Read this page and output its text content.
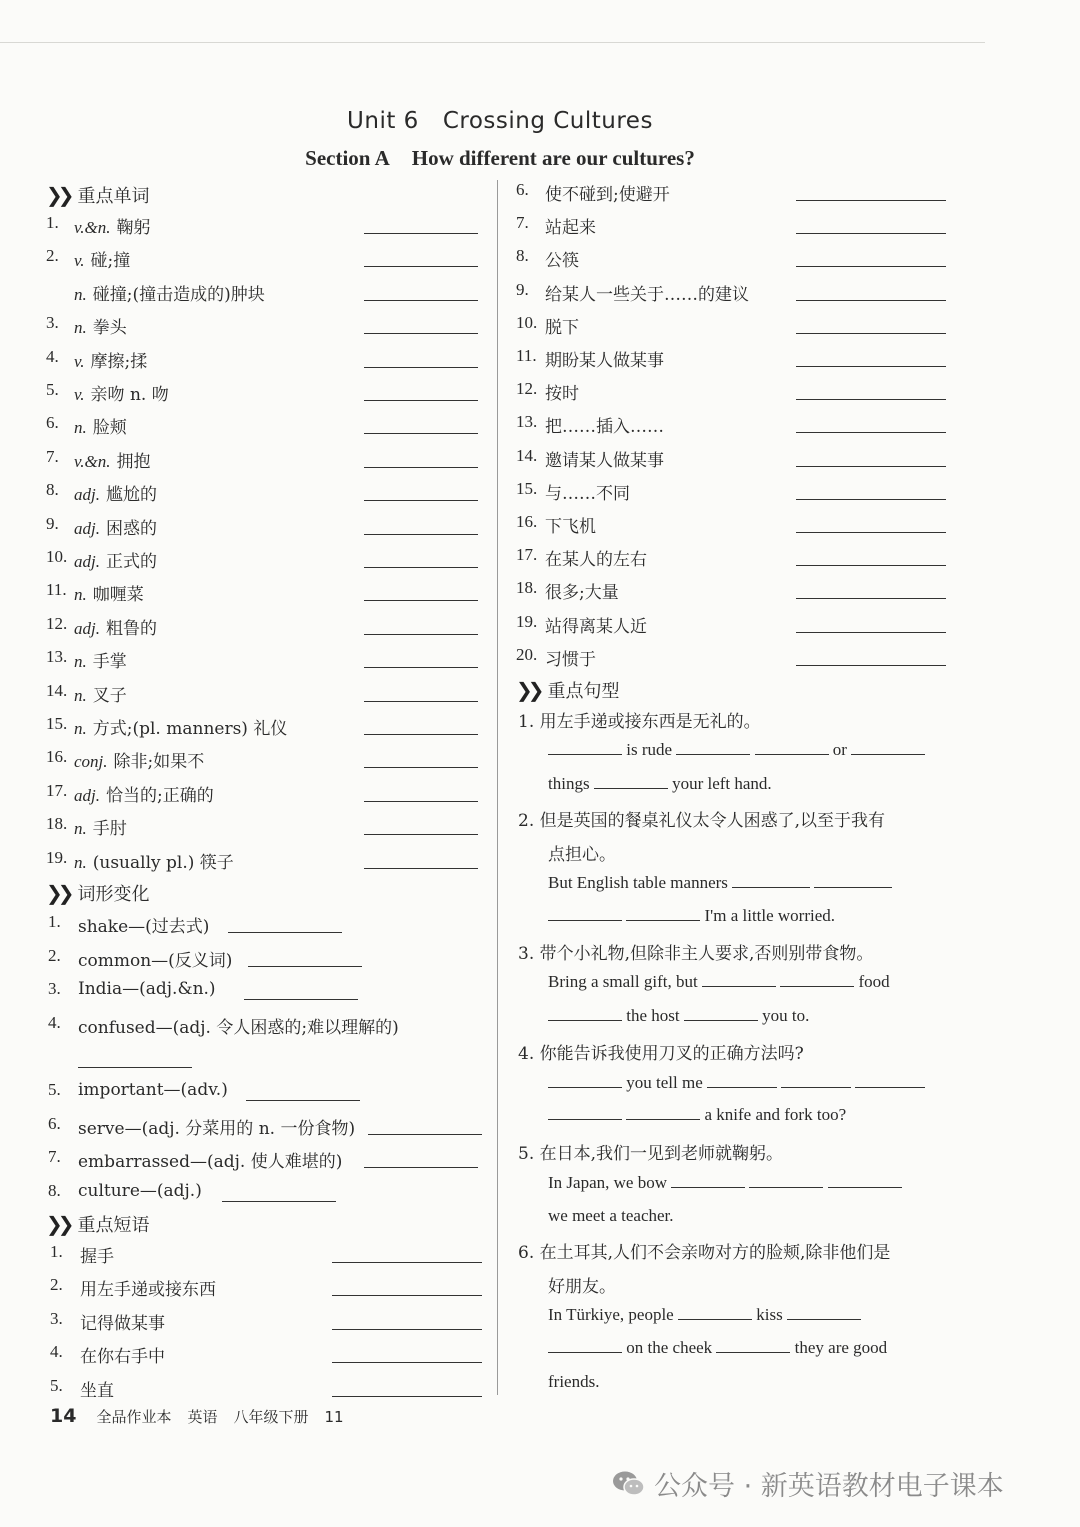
Unit 6 Crossing Cultures
Section A How different are our cultures?
❯❯ 重点单词
1. v.&n. 鞠躬
2. v. 碰;撞
n. 碰撞;(撞击造成的)肿块
3. n. 拳头
4. v. 摩擦;揉
5. v. 亲吻 n. 吻
6. n. 脸颊
7. v.&n. 拥抱
8. adj. 尴尬的
9. adj. 困惑的
10. adj. 正式的
11. n. 咖喱菜
12. adj. 粗鲁的
13. n. 手掌
14. n. 叉子
15. n. 方式;(pl. manners) 礼仪
16. conj. 除非;如果不
17. adj. 恰当的;正确的
18. n. 手肘
19. n. (usually pl.) 筷子
❯❯ 词形变化
1. shake—(过去式)
2. common—(反义词)
3. India—(adj.&n.)
4. confused—(adj. 令人困惑的;难以理解的)
5. important—(adv.)
6. serve—(adj. 分菜用的 n. 一份食物)
7. embarrassed—(adj. 使人难堪的)
8. culture—(adj.)
❯❯ 重点短语
1. 握手
2. 用左手递或接东西
3. 记得做某事
4. 在你右手中
5. 坐直
6. 使不碰到;使避开
7. 站起来
8. 公筷
9. 给某人一些关于……的建议
10. 脱下
11. 期盼某人做某事
12. 按时
13. 把……插入……
14. 邀请某人做某事
15. 与……不同
16. 下飞机
17. 在某人的左右
18. 很多;大量
19. 站得离某人近
20. 习惯于
❯❯ 重点句型
1. 用左手递或接东西是无礼的。
is rude	or
things	your left hand.
2. 但是英国的餐桌礼仪太令人困惑了,以至于我有
点担心。
But English table manners
I'm a little worried.
3. 带个小礼物,但除非主人要求,否则别带食物。
Bring a small gift, but	food
the host	you to.
4. 你能告诉我使用刀叉的正确方法吗?
you tell me
a knife and fork too?
5. 在日本,我们一见到老师就鞠躬。
In Japan, we bow
we meet a teacher.
6. 在土耳其,人们不会亲吻对方的脸颊,除非他们是
好朋友。
In Türkiye, people	kiss
on the cheek	they are good
friends.
14 全品作业本 英语 八年级下册 11
公众号 · 新英语教材电子课本
